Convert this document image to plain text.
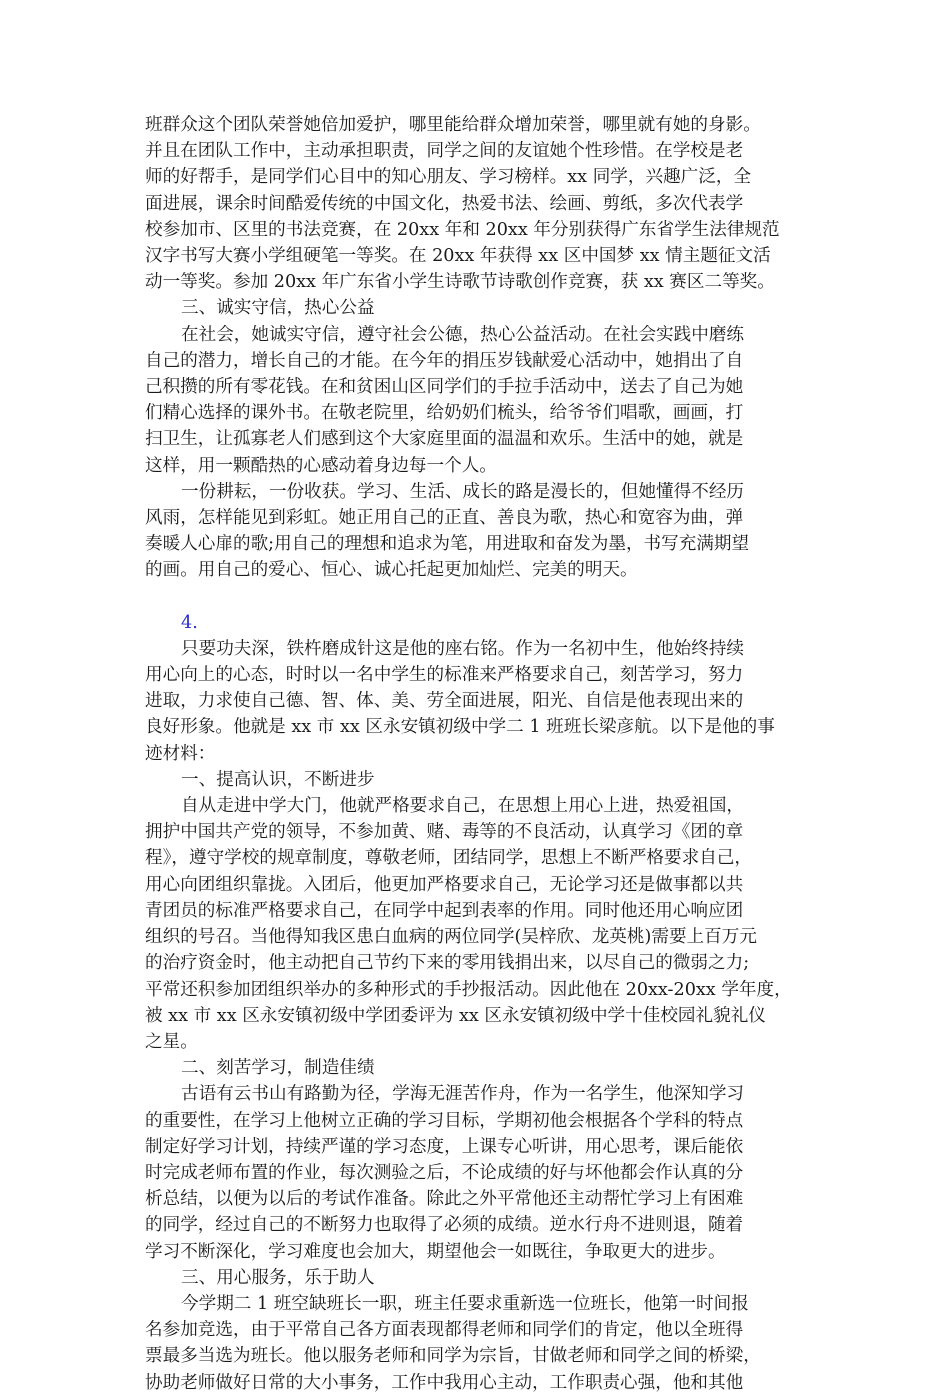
班群众这个团队荣誉她倍加爱护，哪里能给群众增加荣誉，哪里就有她的身影。
并且在团队工作中，主动承担职责，同学之间的友谊她个性珍惜。在学校是老
师的好帮手，是同学们心目中的知心朋友、学习榜样。xx 同学，兴趣广泛，全
面进展，课余时间酷爱传统的中国文化，热爱书法、绘画、剪纸，多次代表学
校参加市、区里的书法竞赛，在 20xx 年和 20xx 年分别获得广东省学生法律规范
汉字书写大赛小学组硬笔一等奖。在 20xx 年获得 xx 区中国梦 xx 情主题征文活
动一等奖。参加 20xx 年广东省小学生诗歌节诗歌创作竞赛，获 xx 赛区二等奖。
三、诚实守信，热心公益
在社会，她诚实守信，遵守社会公德，热心公益活动。在社会实践中磨练
自己的潜力，增长自己的才能。在今年的捐压岁钱献爱心活动中，她捐出了自
己积攒的所有零花钱。在和贫困山区同学们的手拉手活动中，送去了自己为她
们精心选择的课外书。在敬老院里，给奶奶们梳头，给爷爷们唱歌，画画，打
扫卫生，让孤寡老人们感到这个大家庭里面的温温和欢乐。生活中的她，就是
这样，用一颗酷热的心感动着身边每一个人。
一份耕耘，一份收获。学习、生活、成长的路是漫长的，但她懂得不经历
风雨，怎样能见到彩虹。她正用自己的正直、善良为歌，热心和宽容为曲，弹
奏暖人心扉的歌;用自己的理想和追求为笔，用进取和奋发为墨，书写充满期望
的画。用自己的爱心、恒心、诚心托起更加灿烂、完美的明天。
4.
只要功夫深，铁杵磨成针这是他的座右铭。作为一名初中生，他始终持续
用心向上的心态，时时以一名中学生的标准来严格要求自己，刻苦学习，努力
进取，力求使自己德、智、体、美、劳全面进展，阳光、自信是他表现出来的
良好形象。他就是 xx 市 xx 区永安镇初级中学二 1 班班长梁彦航。以下是他的事
迹材料：
一、提高认识，不断进步
自从走进中学大门，他就严格要求自己，在思想上用心上进，热爱祖国，
拥护中国共产党的领导，不参加黄、赌、毒等的不良活动，认真学习《团的章
程》，遵守学校的规章制度，尊敬老师，团结同学，思想上不断严格要求自己，
用心向团组织靠拢。入团后，他更加严格要求自己，无论学习还是做事都以共
青团员的标准严格要求自己，在同学中起到表率的作用。同时他还用心响应团
组织的号召。当他得知我区患白血病的两位同学(吴梓欣、龙英桃)需要上百万元
的治疗资金时，他主动把自己节约下来的零用钱捐出来，以尽自己的微弱之力;
平常还积参加团组织举办的多种形式的手抄报活动。因此他在 20xx-20xx 学年度，
被 xx 市 xx 区永安镇初级中学团委评为 xx 区永安镇初级中学十佳校园礼貌礼仪
之星。
二、刻苦学习，制造佳绩
古语有云书山有路勤为径，学海无涯苦作舟，作为一名学生，他深知学习
的重要性，在学习上他树立正确的学习目标，学期初他会根据各个学科的特点
制定好学习计划，持续严谨的学习态度，上课专心听讲，用心思考，课后能依
时完成老师布置的作业，每次测验之后，不论成绩的好与坏他都会作认真的分
析总结，以便为以后的考试作准备。除此之外平常他还主动帮忙学习上有困难
的同学，经过自己的不断努力也取得了必须的成绩。逆水行舟不进则退，随着
学习不断深化，学习难度也会加大，期望他会一如既往，争取更大的进步。
三、用心服务，乐于助人
今学期二 1 班空缺班长一职，班主任要求重新选一位班长，他第一时间报
名参加竞选，由于平常自己各方面表现都得老师和同学们的肯定，他以全班得
票最多当选为班长。他以服务老师和同学为宗旨，甘做老师和同学之间的桥梁，
协助老师做好日常的大小事务，工作中我用心主动，工作职责心强，他和其他
